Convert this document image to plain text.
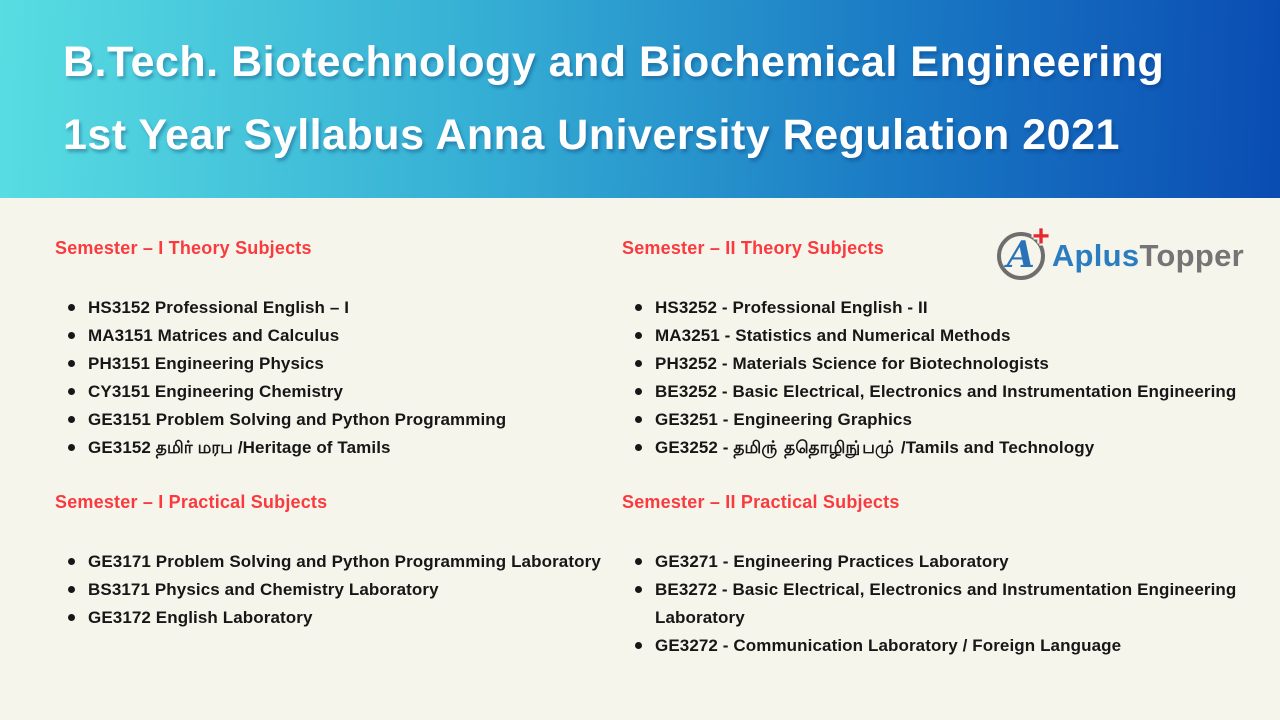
B.Tech. Biotechnology and Biochemical Engineering
1st Year Syllabus Anna University Regulation 2021
A
+
AplusTopper
Semester – I Theory Subjects
HS3152 Professional English – I
MA3151 Matrices and Calculus
PH3151 Engineering Physics
CY3151 Engineering Chemistry
GE3151 Problem Solving and Python Programming
GE3152 தமிர் மரப /Heritage of Tamils
Semester – I Practical Subjects
GE3171 Problem Solving and Python Programming Laboratory
BS3171 Physics and Chemistry Laboratory
GE3172 English Laboratory
Semester – II Theory Subjects
HS3252 - Professional English - II
MA3251 - Statistics and Numerical Methods
PH3252 - Materials Science for Biotechnologists
BE3252 - Basic Electrical, Electronics and Instrumentation Engineering
GE3251 - Engineering Graphics
GE3252 - தமிரு் ததொழிநு்பமு் /Tamils and Technology
Semester – II Practical Subjects
GE3271 - Engineering Practices Laboratory
BE3272 - Basic Electrical, Electronics and Instrumentation Engineering Laboratory
GE3272 - Communication Laboratory / Foreign Language
